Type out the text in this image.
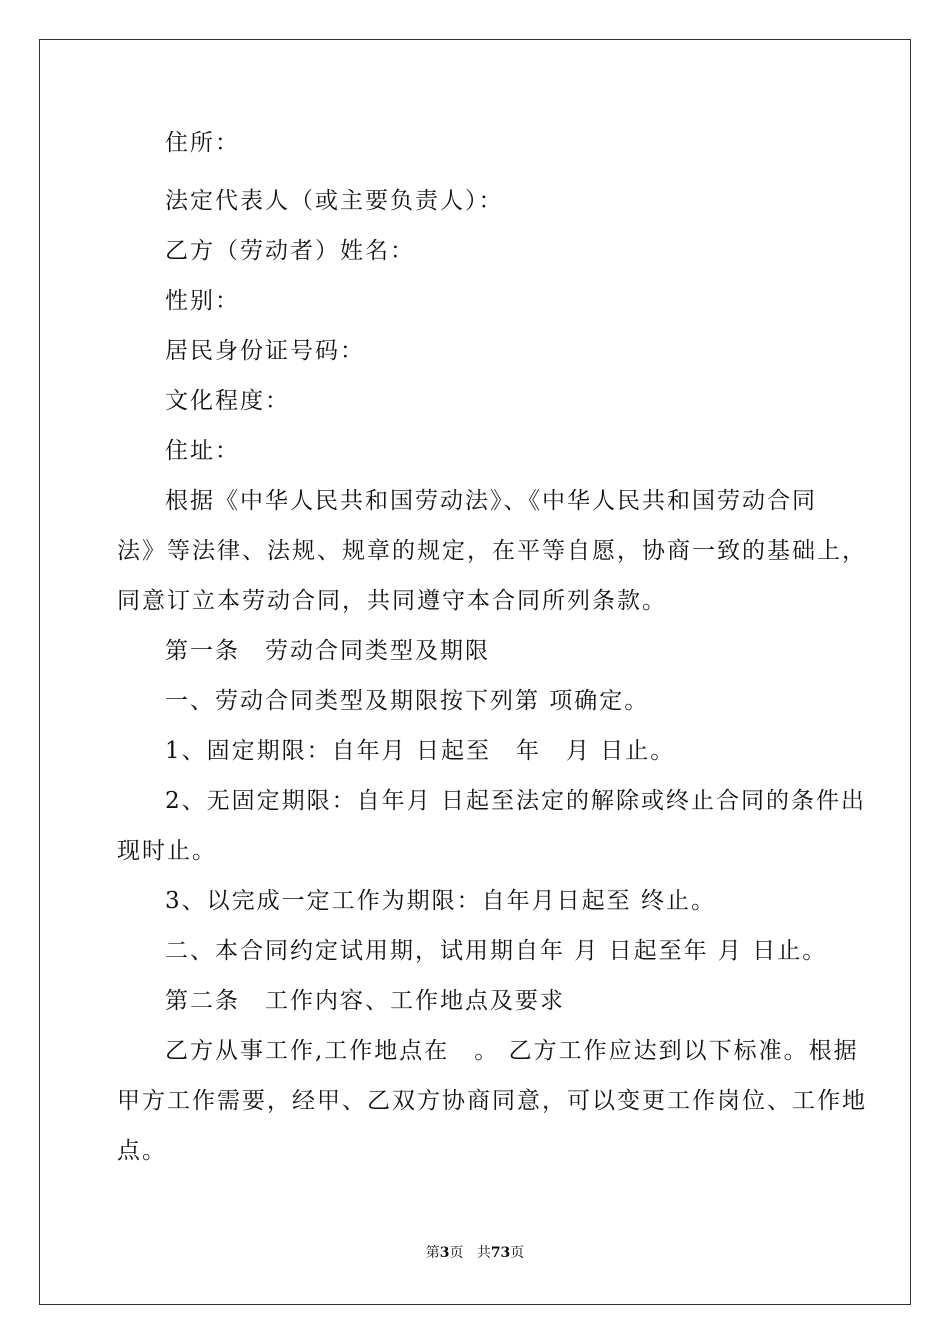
住所：
法定代表人（或主要负责人）：
乙方（劳动者）姓名：
性别：
居民身份证号码：
文化程度：
住址：
根据《中华人民共和国劳动法》、《中华人民共和国劳动合同
法》等法律、法规、规章的规定，在平等自愿，协商一致的基础上，
同意订立本劳动合同，共同遵守本合同所列条款。
第一条　劳动合同类型及期限
一、劳动合同类型及期限按下列第 项确定。
1、固定期限：自年月 日起至　年　月 日止。
2、无固定期限：自年月 日起至法定的解除或终止合同的条件出
现时止。
3、以完成一定工作为期限：自年月日起至 终止。
二、本合同约定试用期，试用期自年 月 日起至年 月 日止。
第二条　工作内容、工作地点及要求
乙方从事工作,工作地点在　。 乙方工作应达到以下标准。根据
甲方工作需要，经甲、乙双方协商同意，可以变更工作岗位、工作地
点。
第3页 共73页
